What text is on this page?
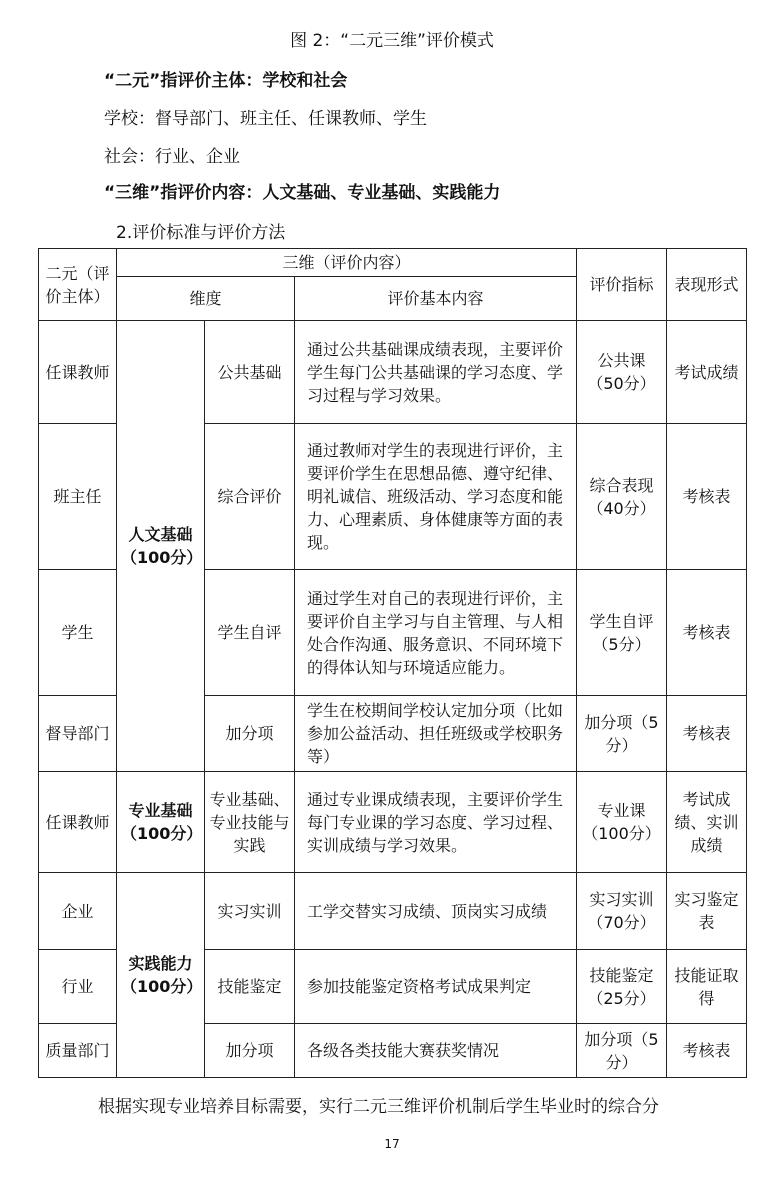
图 2：“二元三维”评价模式
“二元”指评价主体：学校和社会
学校：督导部门、班主任、任课教师、学生
社会：行业、企业
“三维”指评价内容：人文基础、专业基础、实践能力
2.评价标准与评价方法
二元（评价主体）	三维（评价内容）			评价指标	表现形式
	维度		评价基本内容		
任课教师	人文基础（100分）	公共基础	通过公共基础课成绩表现，主要评价学生每门公共基础课的学习态度、学习过程与学习效果。	公共课（50分）	考试成绩
班主任		综合评价	通过教师对学生的表现进行评价，主要评价学生在思想品德、遵守纪律、明礼诚信、班级活动、学习态度和能力、心理素质、身体健康等方面的表现。	综合表现（40分）	考核表
学生		学生自评	通过学生对自己的表现进行评价，主要评价自主学习与自主管理、与人相处合作沟通、服务意识、不同环境下的得体认知与环境适应能力。	学生自评（5分）	考核表
督导部门		加分项	学生在校期间学校认定加分项（比如参加公益活动、担任班级或学校职务等）	加分项（5分）	考核表
任课教师	专业基础（100分）	专业基础、专业技能与实践	通过专业课成绩表现，主要评价学生每门专业课的学习态度、学习过程、实训成绩与学习效果。	专业课（100分）	考试成绩、实训成绩
企业	实践能力（100分）	实习实训	工学交替实习成绩、顶岗实习成绩	实习实训（70分）	实习鉴定表
行业		技能鉴定	参加技能鉴定资格考试成果判定	技能鉴定（25分）	技能证取得
质量部门		加分项	各级各类技能大赛获奖情况	加分项（5分）	考核表
根据实现专业培养目标需要，实行二元三维评价机制后学生毕业时的综合分
17
